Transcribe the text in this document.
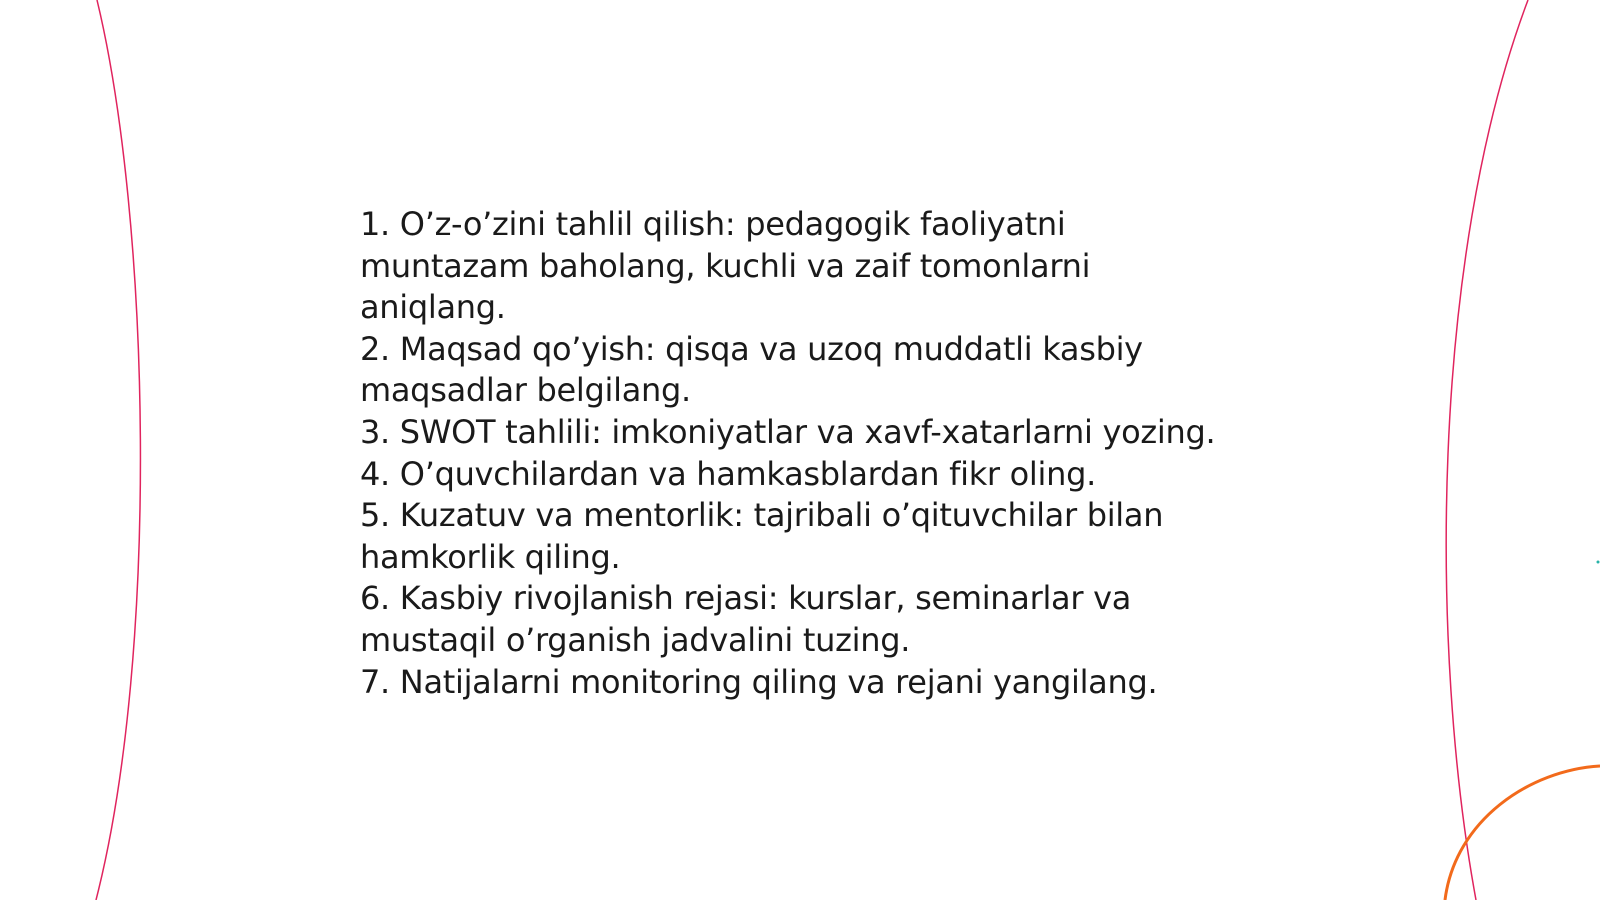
1. O’z-o’zini tahlil qilish: pedagogik faoliyatni

muntazam baholang, kuchli va zaif tomonlarni

aniqlang.

2. Maqsad qo’yish: qisqa va uzoq muddatli kasbiy

maqsadlar belgilang.

3. SWOT tahlili: imkoniyatlar va xavf-xatarlarni yozing.

4. O’quvchilardan va hamkasblardan fikr oling.

5. Kuzatuv va mentorlik: tajribali o’qituvchilar bilan

hamkorlik qiling.

6. Kasbiy rivojlanish rejasi: kurslar, seminarlar va

mustaqil o’rganish jadvalini tuzing.

7. Natijalarni monitoring qiling va rejani yangilang.
